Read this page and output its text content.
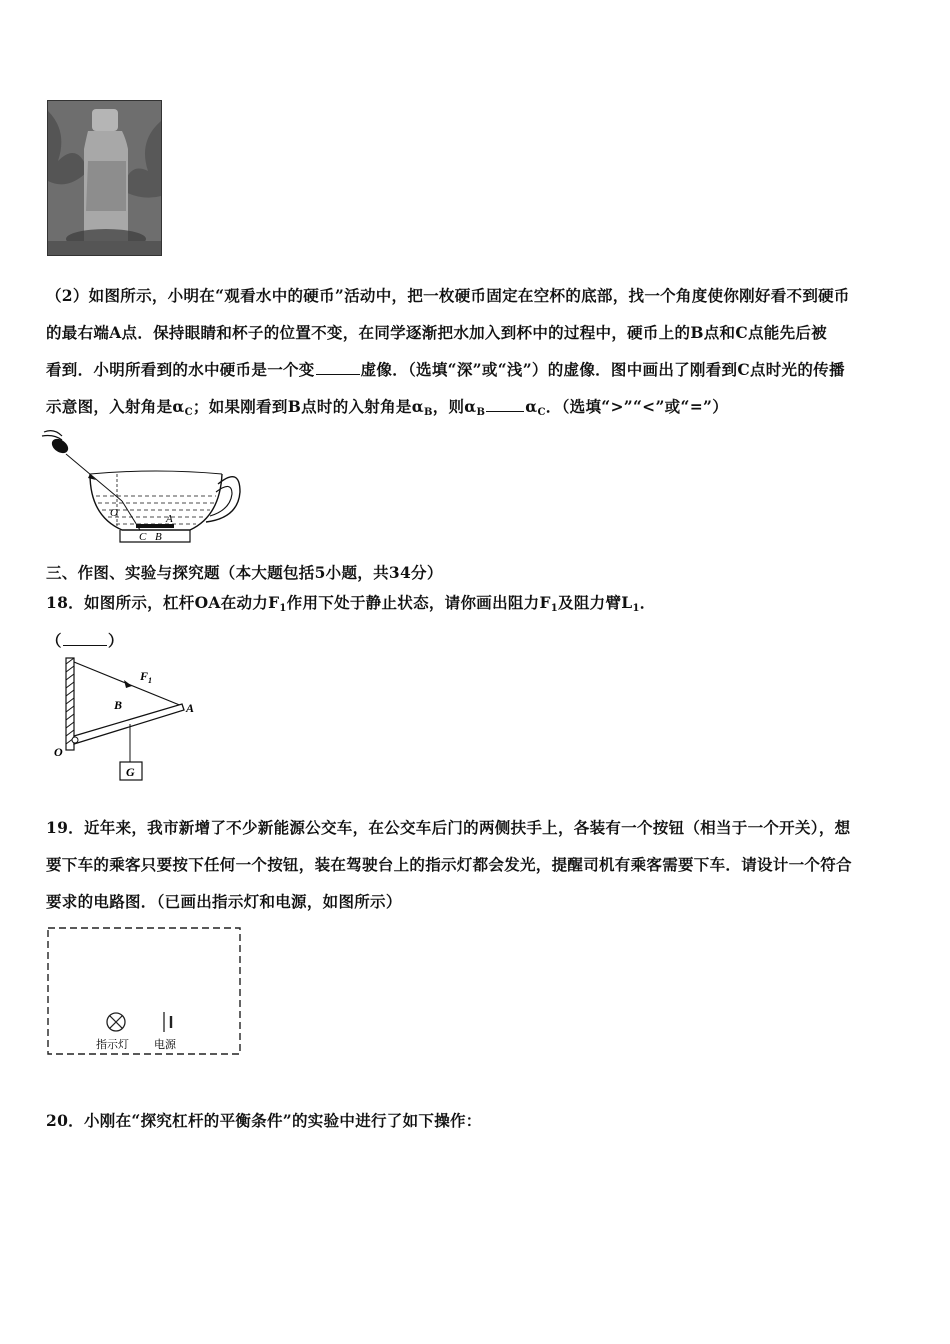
（2）如图所示，小明在“观看水中的硬币”活动中，把一枚硬币固定在空杯的底部，找一个角度使你刚好看不到硬币
的最右端A点．保持眼睛和杯子的位置不变，在同学逐渐把水加入到杯中的过程中，硬币上的B点和C点能先后被
看到．小明所看到的水中硬币是一个变	虚像．（选填“深”或“浅”）的虚像．图中画出了刚看到C点时光的传播
示意图，入射角是$\alpha_C$；如果刚看到B点时的入射角是$\alpha_B$，则$\alpha_B$	$\alpha_C$．（选填“>”“<”或“=”）
O	A
C B
三、作图、实验与探究题（本大题包括5小题，共34分）
18．如图所示，杠杆OA在动力$F_1$作用下处于静止状态，请你画出阻力$F_1$及阻力臂$L_1$．
（	）
$F_1$
B	A
O
G
19．近年来，我市新增了不少新能源公交车，在公交车后门的两侧扶手上，各装有一个按钮（相当于一个开关），想
要下车的乘客只要按下任何一个按钮，装在驾驶台上的指示灯都会发光，提醒司机有乘客需要下车．请设计一个符合
要求的电路图．（已画出指示灯和电源，如图所示）
指示灯 电源
20．小刚在“探究杠杆的平衡条件”的实验中进行了如下操作：
